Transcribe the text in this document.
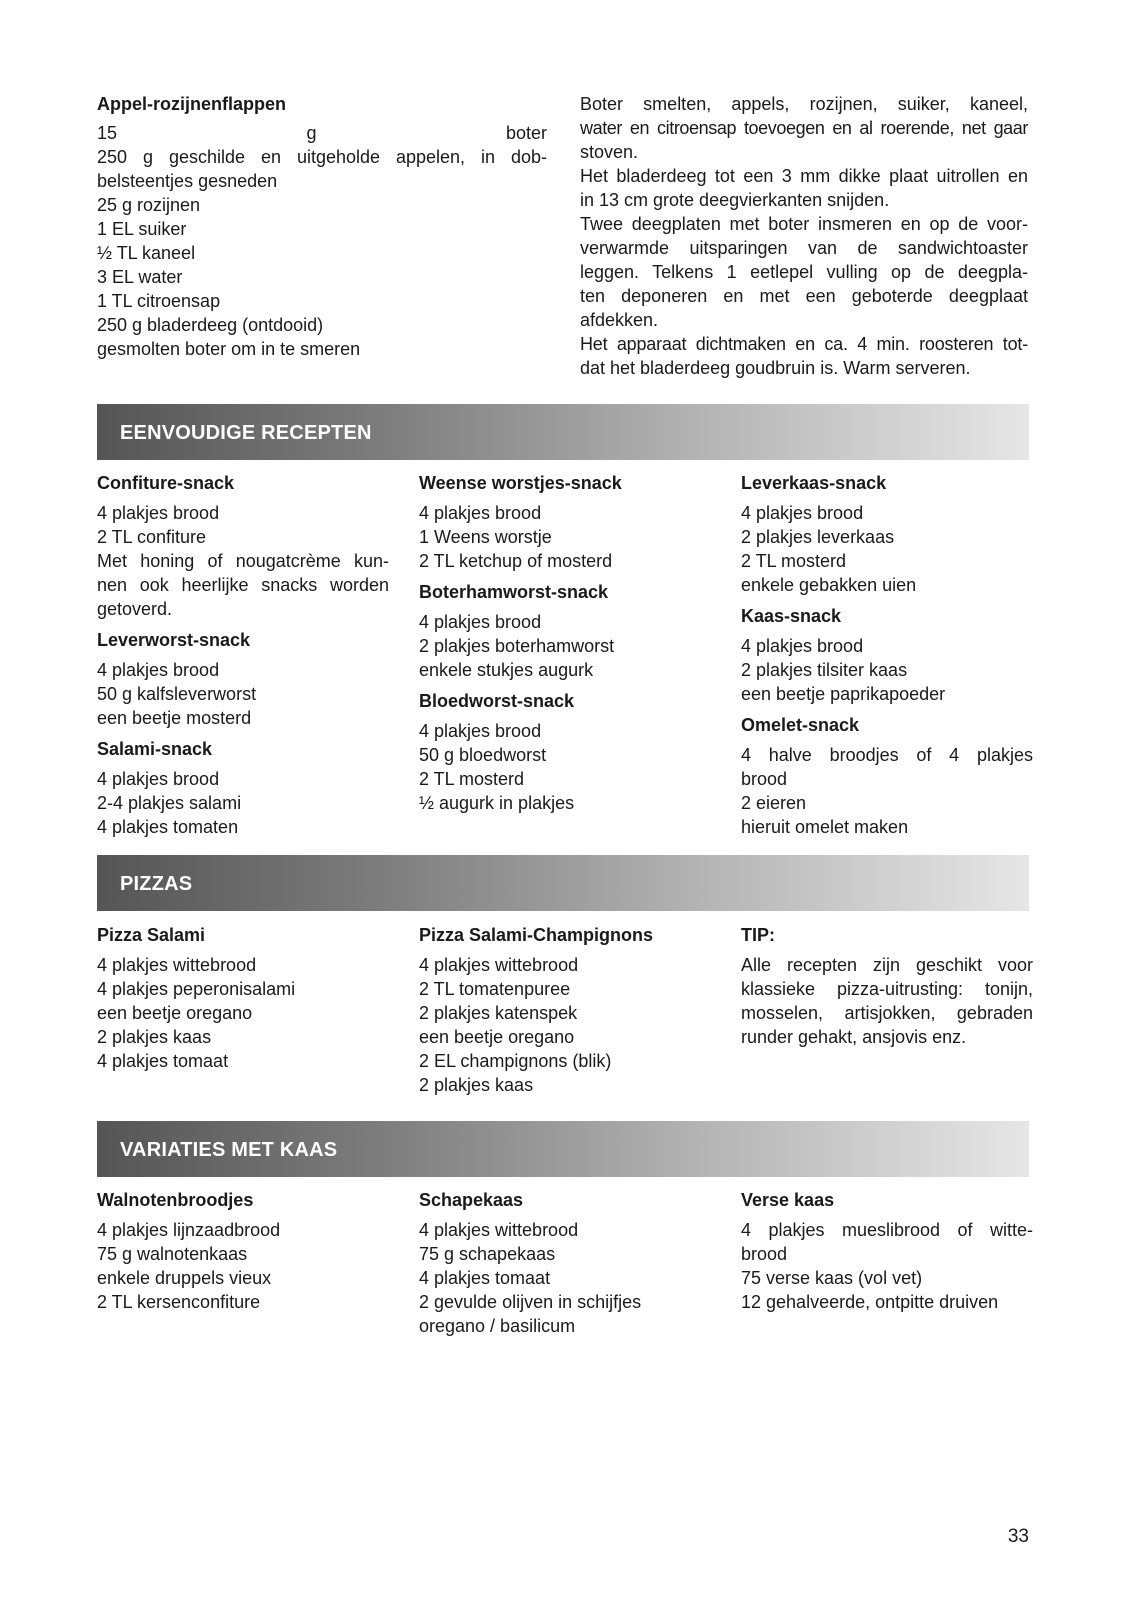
Appel-rozijnenflappen
15 g boter
250 g geschilde en uitgeholde appelen, in dob-
belsteentjes gesneden
25 g rozijnen
1 EL suiker
½ TL kaneel
3 EL water
1 TL citroensap
250 g bladerdeeg (ontdooid)
gesmolten boter om in te smeren
Boter smelten, appels, rozijnen, suiker, kaneel,
water en citroensap toevoegen en al roerende, net gaar
stoven.
Het bladerdeeg tot een 3 mm dikke plaat uitrollen en
in 13 cm grote deegvierkanten snijden.
Twee deegplaten met boter insmeren en op de voor-
verwarmde uitsparingen van de sandwichtoaster
leggen. Telkens 1 eetlepel vulling op de deegpla-
ten deponeren en met een geboterde deegplaat
afdekken.
Het apparaat dichtmaken en ca. 4 min. roosteren tot-
dat het bladerdeeg goudbruin is. Warm serveren.
EENVOUDIGE RECEPTEN
Confiture-snack
4 plakjes brood
2 TL confiture
Met honing of nougatcrème kun-
nen ook heerlijke snacks worden
getoverd.
Leverworst-snack
4 plakjes brood
50 g kalfsleverworst
een beetje mosterd
Salami-snack
4 plakjes brood
2-4 plakjes salami
4 plakjes tomaten
Weense worstjes-snack
4 plakjes brood
1 Weens worstje
2 TL ketchup of mosterd
Boterhamworst-snack
4 plakjes brood
2 plakjes boterhamworst
enkele stukjes augurk
Bloedworst-snack
4 plakjes brood
50 g bloedworst
2 TL mosterd
½ augurk in plakjes
Leverkaas-snack
4 plakjes brood
2 plakjes leverkaas
2 TL mosterd
enkele gebakken uien
Kaas-snack
4 plakjes brood
2 plakjes tilsiter kaas
een beetje paprikapoeder
Omelet-snack
4 halve broodjes of 4 plakjes
brood
2 eieren
hieruit omelet maken
PIZZAS
Pizza Salami
4 plakjes wittebrood
4 plakjes peperonisalami
een beetje oregano
2 plakjes kaas
4 plakjes tomaat
Pizza Salami-Champignons
4 plakjes wittebrood
2 TL tomatenpuree
2 plakjes katenspek
een beetje oregano
2 EL champignons (blik)
2 plakjes kaas
TIP:
Alle recepten zijn geschikt voor
klassieke pizza-uitrusting: tonijn,
mosselen, artisjokken, gebraden
runder gehakt, ansjovis enz.
VARIATIES MET KAAS
Walnotenbroodjes
4 plakjes lijnzaadbrood
75 g walnotenkaas
enkele druppels vieux
2 TL kersenconfiture
Schapekaas
4 plakjes wittebrood
75 g schapekaas
4 plakjes tomaat
2 gevulde olijven in schijfjes
oregano / basilicum
Verse kaas
4 plakjes mueslibrood of witte-
brood
75 verse kaas (vol vet)
12 gehalveerde, ontpitte druiven
33
